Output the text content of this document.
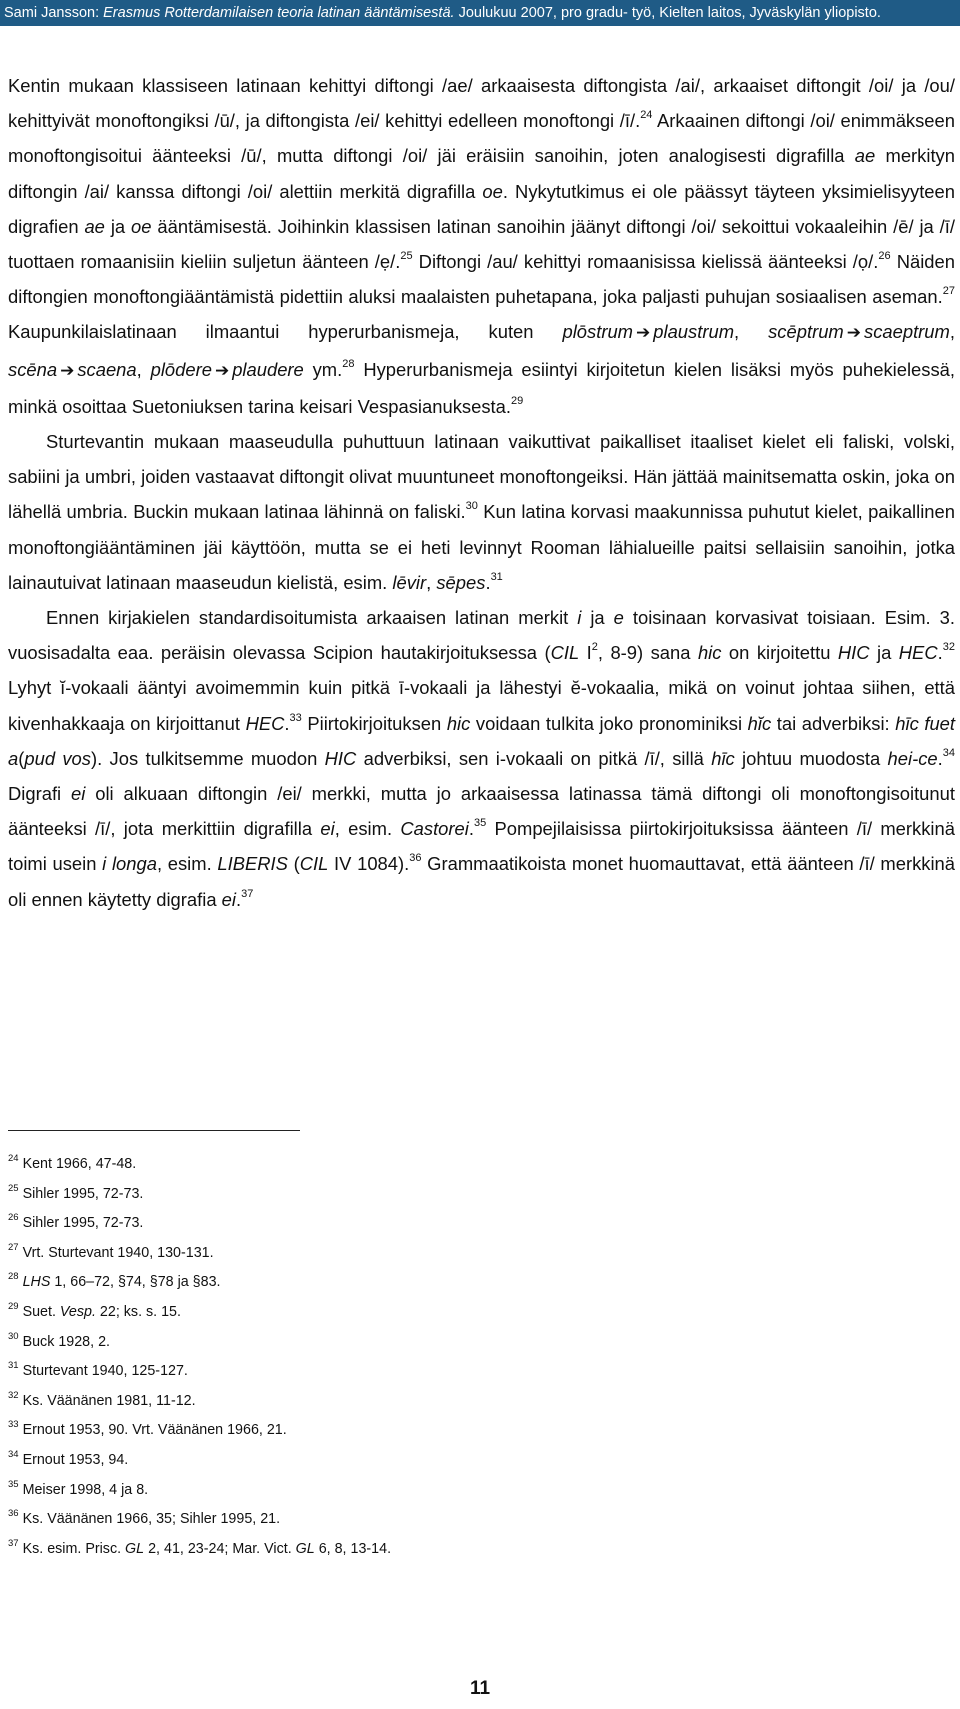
Sami Jansson: Erasmus Rotterdamilaisen teoria latinan ääntämisestä. Joulukuu 2007, pro gradu- työ, Kielten laitos, Jyväskylän yliopisto.

Kentin mukaan klassiseen latinaan kehittyi diftongi /ae/ arkaaisesta diftongista /ai/, arkaaiset diftongit /oi/ ja /ou/ kehittyivät monoftongiksi /ū/, ja diftongista /ei/ kehittyi edelleen monoftongi /ī/.$^{24}$ Arkaainen diftongi /oi/ enimmäkseen monoftongisoitui äänteeksi /ū/, mutta diftongi /oi/ jäi eräisiin sanoihin, joten analogisesti digrafilla ae merkityn diftongin /ai/ kanssa diftongi /oi/ alettiin merkitä digrafilla oe. Nykytutkimus ei ole päässyt täyteen yksimielisyyteen digrafien ae ja oe ääntämisestä. Joihinkin klassisen latinan sanoihin jäänyt diftongi /oi/ sekoittui vokaaleihin /ē/ ja /ī/ tuottaen romaanisiin kieliin suljetun äänteen /ẹ/.$^{25}$ Diftongi /au/ kehittyi romaanisissa kielissä äänteeksi /ọ/.$^{26}$ Näiden diftongien monoftongiääntämistä pidettiin aluksi maalaisten puhetapana, joka paljasti puhujan sosiaalisen aseman.$^{27}$ Kaupunkilaislatinaan ilmaantui hyperurbanismeja, kuten plōstrum ➔ plaustrum, scēptrum ➔ scaeptrum, scēna ➔ scaena, plōdere ➔ plaudere ym.$^{28}$ Hyperurbanismeja esiintyi kirjoitetun kielen lisäksi myös puhekielessä, minkä osoittaa Suetoniuksen tarina keisari Vespasianuksesta.$^{29}$

Sturtevantin mukaan maaseudulla puhuttuun latinaan vaikuttivat paikalliset itaaliset kielet eli faliski, volski, sabiini ja umbri, joiden vastaavat diftongit olivat muuntuneet monoftongeiksi. Hän jättää mainitsematta oskin, joka on lähellä umbria. Buckin mukaan latinaa lähinnä on faliski.$^{30}$ Kun latina korvasi maakunnissa puhutut kielet, paikallinen monoftongiääntäminen jäi käyttöön, mutta se ei heti levinnyt Rooman lähialueille paitsi sellaisiin sanoihin, jotka lainautuivat latinaan maaseudun kielistä, esim. lēvir, sēpes.$^{31}$

Ennen kirjakielen standardisoitumista arkaaisen latinan merkit i ja e toisinaan korvasivat toisiaan. Esim. 3. vuosisadalta eaa. peräisin olevassa Scipion hautakirjoituksessa (CIL $I^2$, 8-9) sana hic on kirjoitettu HIC ja HEC.$^{32}$ Lyhyt ĭ-vokaali ääntyi avoimemmin kuin pitkä ī-vokaali ja lähestyi ĕ-vokaalia, mikä on voinut johtaa siihen, että kivenhakkaaja on kirjoittanut HEC.$^{33}$ Piirtokirjoituksen hic voidaan tulkita joko pronominiksi hĭc tai adverbiksi: hīc fuet a(pud vos). Jos tulkitsemme muodon HIC adverbiksi, sen i-vokaali on pitkä /ī/, sillä hīc johtuu muodosta hei-ce.$^{34}$ Digrafi ei oli alkuaan diftongin /ei/ merkki, mutta jo arkaaisessa latinassa tämä diftongi oli monoftongisoitunut äänteeksi /ī/, jota merkittiin digrafilla ei, esim. Castorei.$^{35}$ Pompejilaisissa piirtokirjoituksissa äänteen /ī/ merkkinä toimi usein i longa, esim. LIBERIS (CIL IV 1084).$^{36}$ Grammaatikoista monet huomauttavat, että äänteen /ī/ merkkinä oli ennen käytetty digrafia ei.$^{37}$

$^{24}$ Kent 1966, 47-48.

$^{25}$ Sihler 1995, 72-73.

$^{26}$ Sihler 1995, 72-73.

$^{27}$ Vrt. Sturtevant 1940, 130-131.

$^{28}$ LHS 1, 66–72, §74, §78 ja §83.

$^{29}$ Suet. Vesp. 22; ks. s. 15.

$^{30}$ Buck 1928, 2.

$^{31}$ Sturtevant 1940, 125-127.

$^{32}$ Ks. Väänänen 1981, 11-12.

$^{33}$ Ernout 1953, 90. Vrt. Väänänen 1966, 21.

$^{34}$ Ernout 1953, 94.

$^{35}$ Meiser 1998, 4 ja 8.

$^{36}$ Ks. Väänänen 1966, 35; Sihler 1995, 21.

$^{37}$ Ks. esim. Prisc. GL 2, 41, 23-24; Mar. Vict. GL 6, 8, 13-14.

11
